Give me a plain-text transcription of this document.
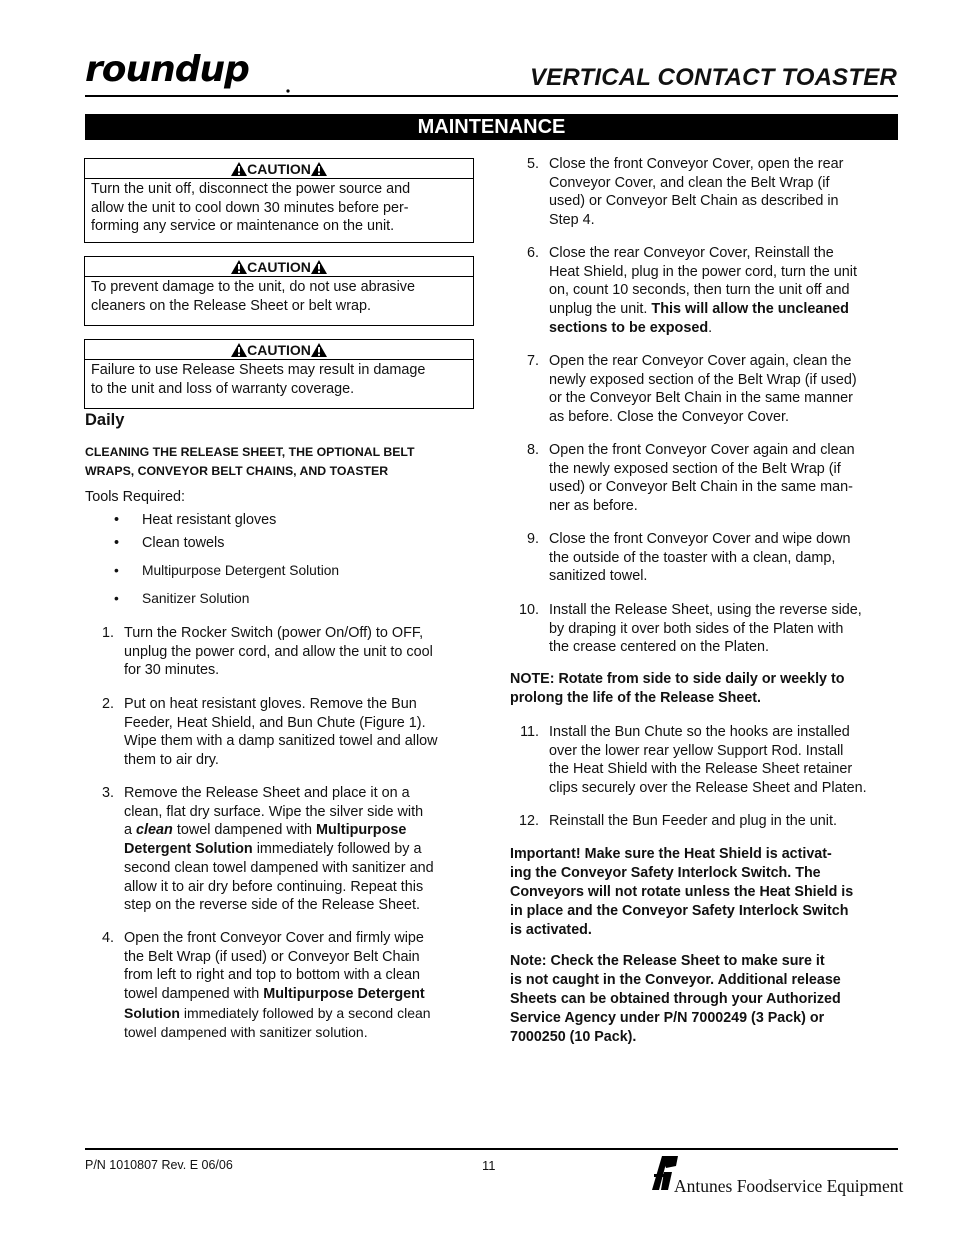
roundup	VERTICAL CONTACT TOASTER
MAINTENANCE
CAUTION
Turn the unit off, disconnect the power source and
allow the unit to cool down 30 minutes before per-
forming any service or maintenance on the unit.
CAUTION
To prevent damage to the unit, do not use abrasive
cleaners on the Release Sheet or belt wrap.
CAUTION
Failure to use Release Sheets may result in damage
to the unit and loss of warranty coverage.
Daily
CLEANING THE RELEASE SHEET, THE OPTIONAL BELT
WRAPS, CONVEYOR BELT CHAINS, AND TOASTER
Tools Required:
• Heat resistant gloves
• Clean towels
• Multipurpose Detergent Solution
• Sanitizer Solution
1. Turn the Rocker Switch (power On/Off) to OFF,
unplug the power cord, and allow the unit to cool
for 30 minutes.
2. Put on heat resistant gloves. Remove the Bun
Feeder, Heat Shield, and Bun Chute (Figure 1).
Wipe them with a damp sanitized towel and allow
them to air dry.
3. Remove the Release Sheet and place it on a
clean, flat dry surface. Wipe the silver side with
a clean towel dampened with Multipurpose
Detergent Solution immediately followed by a
second clean towel dampened with sanitizer and
allow it to air dry before continuing. Repeat this
step on the reverse side of the Release Sheet.
4. Open the front Conveyor Cover and firmly wipe
the Belt Wrap (if used) or Conveyor Belt Chain
from left to right and top to bottom with a clean
towel dampened with Multipurpose Detergent
Solution immediately followed by a second clean
towel dampened with sanitizer solution.
5. Close the front Conveyor Cover, open the rear
Conveyor Cover, and clean the Belt Wrap (if
used) or Conveyor Belt Chain as described in
Step 4.
6. Close the rear Conveyor Cover, Reinstall the
Heat Shield, plug in the power cord, turn the unit
on, count 10 seconds, then turn the unit off and
unplug the unit. This will allow the uncleaned
sections to be exposed.
7. Open the rear Conveyor Cover again, clean the
newly exposed section of the Belt Wrap (if used)
or the Conveyor Belt Chain in the same manner
as before. Close the Conveyor Cover.
8. Open the front Conveyor Cover again and clean
the newly exposed section of the Belt Wrap (if
used) or Conveyor Belt Chain in the same man-
ner as before.
9. Close the front Conveyor Cover and wipe down
the outside of the toaster with a clean, damp,
sanitized towel.
10. Install the Release Sheet, using the reverse side,
by draping it over both sides of the Platen with
the crease centered on the Platen.
NOTE: Rotate from side to side daily or weekly to
prolong the life of the Release Sheet.
11. Install the Bun Chute so the hooks are installed
over the lower rear yellow Support Rod. Install
the Heat Shield with the Release Sheet retainer
clips securely over the Release Sheet and Platen.
12. Reinstall the Bun Feeder and plug in the unit.
Important! Make sure the Heat Shield is activat-
ing the Conveyor Safety Interlock Switch. The
Conveyors will not rotate unless the Heat Shield is
in place and the Conveyor Safety Interlock Switch
is activated.
Note: Check the Release Sheet to make sure it
is not caught in the Conveyor. Additional release
Sheets can be obtained through your Authorized
Service Agency under P/N 7000249 (3 Pack) or
7000250 (10 Pack).
P/N 1010807 Rev. E 06/06	11
Antunes Foodservice Equipment
